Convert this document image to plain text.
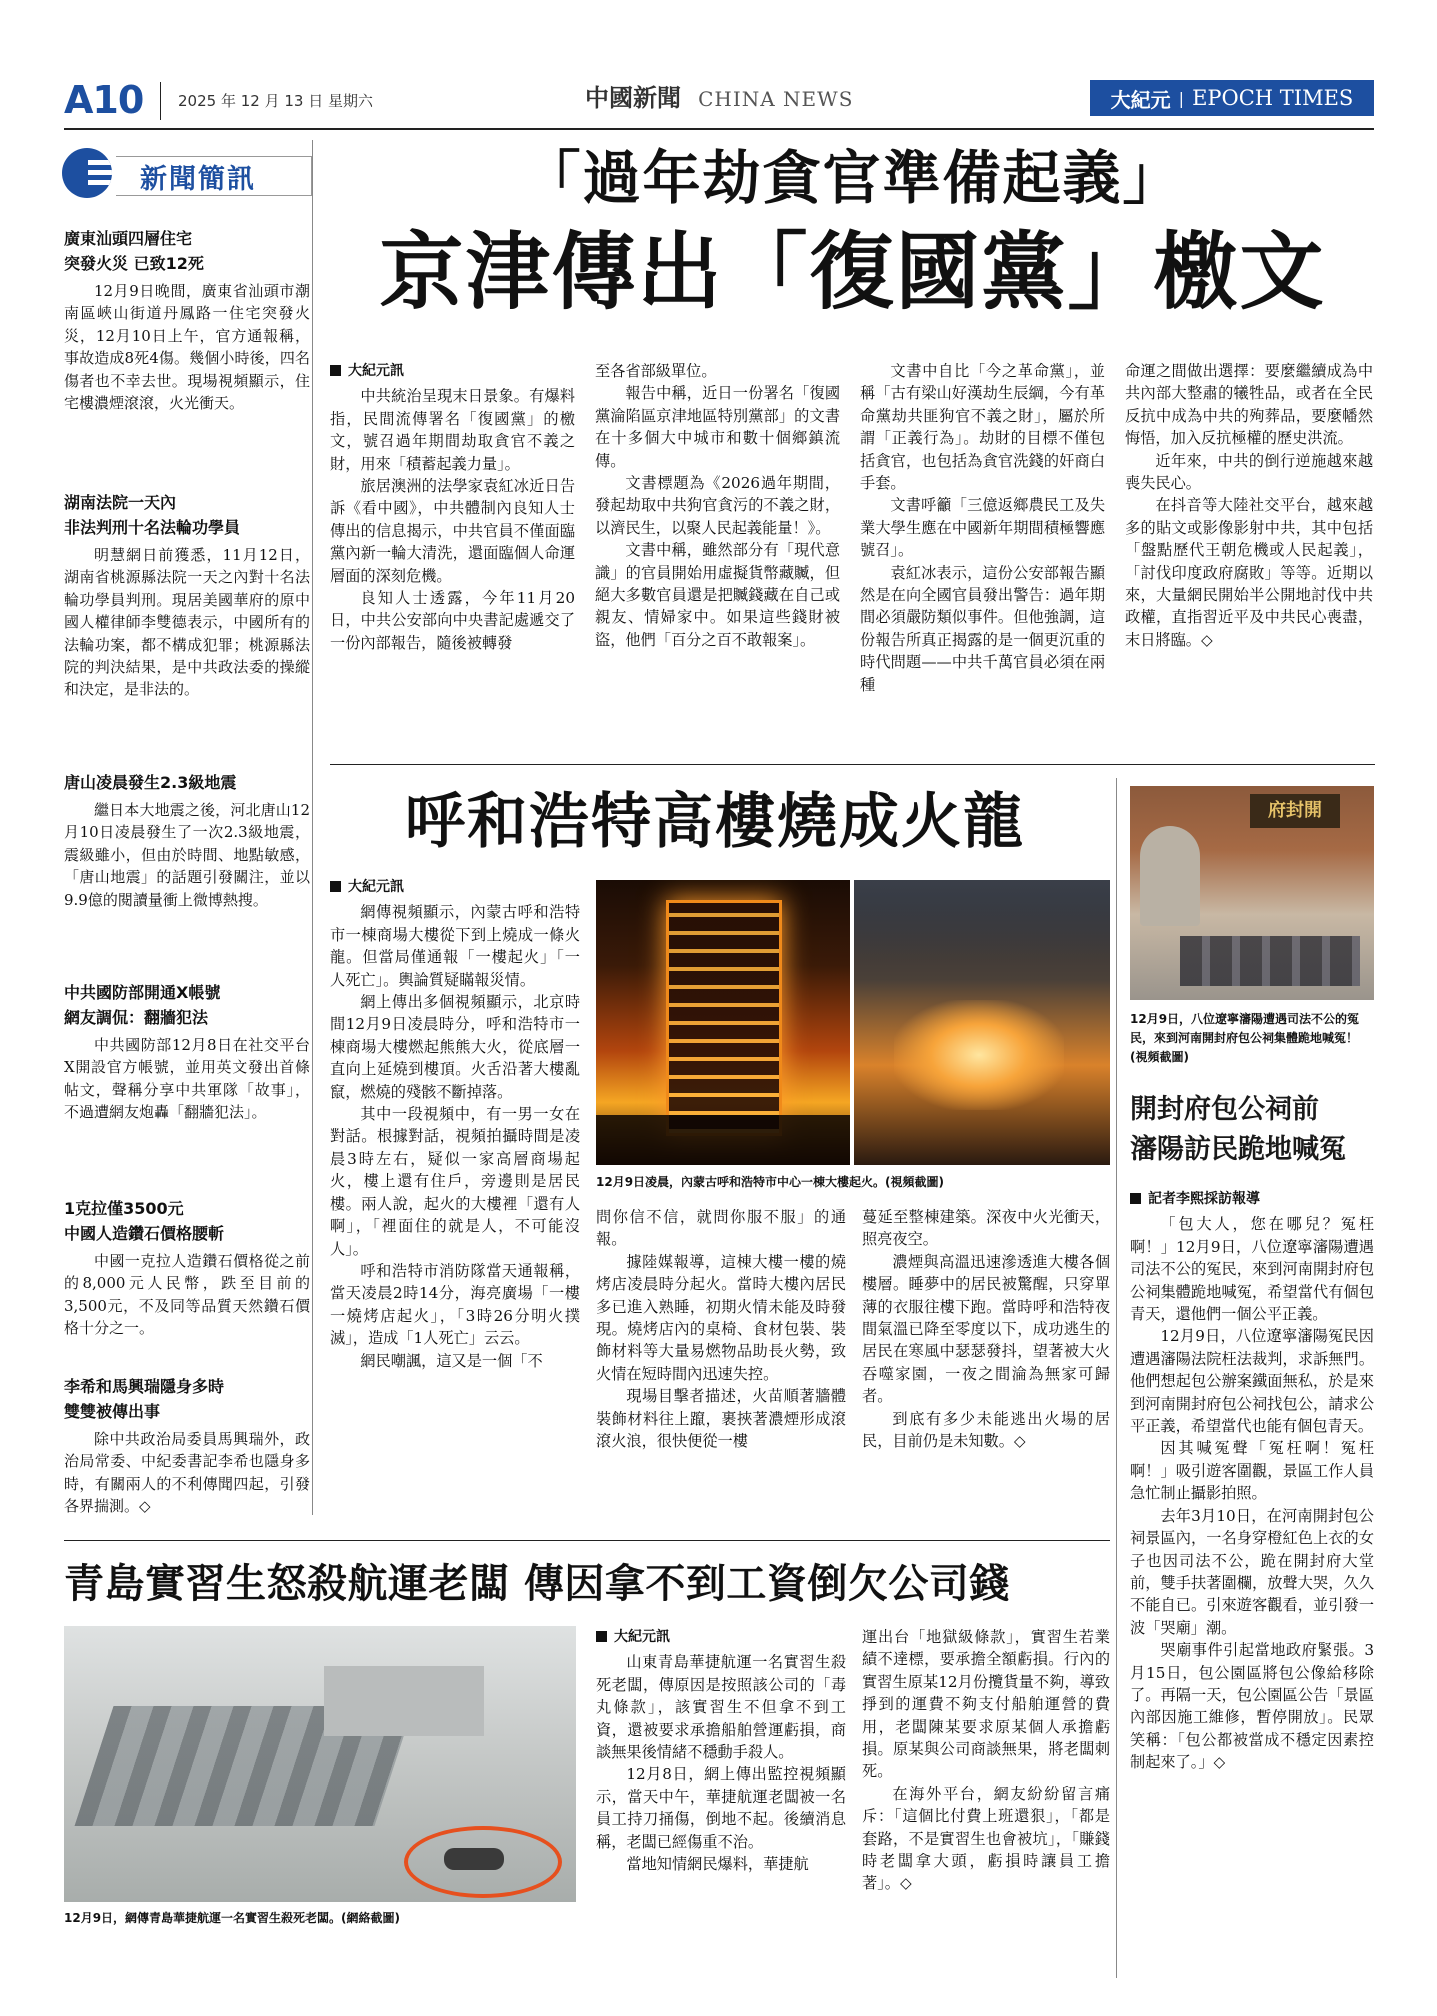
A10 2025 年 12 月 13 日 星期六	中國新聞 CHINA NEWS	大紀元 | EPOCH TIMES
新聞簡訊
廣東汕頭四層住宅
突發火災 已致12死

12月9日晚間，廣東省汕頭市潮南區峽山街道丹鳳路一住宅突發火災，12月10日上午，官方通報稱，事故造成8死4傷。幾個小時後，四名傷者也不幸去世。現場視頻顯示，住宅樓濃煙滾滾，火光衝天。

湖南法院一天內
非法判刑十名法輪功學員

明慧網日前獲悉，11月12日，湖南省桃源縣法院一天之內對十名法輪功學員判刑。現居美國華府的原中國人權律師李雙德表示，中國所有的法輪功案，都不構成犯罪；桃源縣法院的判決結果，是中共政法委的操縱和決定，是非法的。

唐山凌晨發生2.3級地震

繼日本大地震之後，河北唐山12月10日凌晨發生了一次2.3級地震，震級雖小，但由於時間、地點敏感，「唐山地震」的話題引發關注，並以9.9億的閱讀量衝上微博熱搜。

中共國防部開通X帳號
網友調侃：翻牆犯法

中共國防部12月8日在社交平台X開設官方帳號，並用英文發出首條帖文，聲稱分享中共軍隊「故事」，不過遭網友炮轟「翻牆犯法」。

1克拉僅3500元
中國人造鑽石價格腰斬

中國一克拉人造鑽石價格從之前的8,000元人民幣，跌至目前的3,500元，不及同等品質天然鑽石價格十分之一。

李希和馬興瑞隱身多時
雙雙被傳出事

除中共政治局委員馬興瑞外，政治局常委、中紀委書記李希也隱身多時，有關兩人的不利傳聞四起，引發各界揣測。◇

「過年劫貪官準備起義」
京津傳出「復國黨」檄文
大紀元訊

中共統治呈現末日景象。有爆料指，民間流傳署名「復國黨」的檄文，號召過年期間劫取貪官不義之財，用來「積蓄起義力量」。

旅居澳洲的法學家袁紅冰近日告訴《看中國》，中共體制內良知人士傳出的信息揭示，中共官員不僅面臨黨內新一輪大清洗，還面臨個人命運層面的深刻危機。

良知人士透露，今年11月20日，中共公安部向中央書記處遞交了一份內部報告，隨後被轉發

至各省部級單位。

報告中稱，近日一份署名「復國黨淪陷區京津地區特別黨部」的文書在十多個大中城市和數十個鄉鎮流傳。

文書標題為《2026過年期間，發起劫取中共狗官貪污的不義之財，以濟民生，以聚人民起義能量！》。

文書中稱，雖然部分有「現代意識」的官員開始用虛擬貨幣藏贓，但絕大多數官員還是把贓錢藏在自己或親友、情婦家中。如果這些錢財被盜，他們「百分之百不敢報案」。

文書中自比「今之革命黨」，並稱「古有梁山好漢劫生辰綱，今有革命黨劫共匪狗官不義之財」，屬於所謂「正義行為」。劫財的目標不僅包括貪官，也包括為貪官洗錢的奸商白手套。

文書呼籲「三億返鄉農民工及失業大學生應在中國新年期間積極響應號召」。

袁紅冰表示，這份公安部報告顯然是在向全國官員發出警告：過年期間必須嚴防類似事件。但他強調，這份報告所真正揭露的是一個更沉重的時代問題——中共千萬官員必須在兩種

命運之間做出選擇：要麼繼續成為中共內部大整肅的犧牲品，或者在全民反抗中成為中共的殉葬品，要麼幡然悔悟，加入反抗極權的歷史洪流。

近年來，中共的倒行逆施越來越喪失民心。

在抖音等大陸社交平台，越來越多的貼文或影像影射中共，其中包括「盤點歷代王朝危機或人民起義」，「討伐印度政府腐敗」等等。近期以來，大量網民開始半公開地討伐中共政權，直指習近平及中共民心喪盡，末日將臨。◇

呼和浩特高樓燒成火龍
大紀元訊

網傳視頻顯示，內蒙古呼和浩特市一棟商場大樓從下到上燒成一條火龍。但當局僅通報「一樓起火」「一人死亡」。輿論質疑瞞報災情。

網上傳出多個視頻顯示，北京時間12月9日凌晨時分，呼和浩特市一棟商場大樓燃起熊熊大火，從底層一直向上延燒到樓頂。火舌沿著大樓亂竄，燃燒的殘骸不斷掉落。

其中一段視頻中，有一男一女在對話。根據對話，視頻拍攝時間是凌晨3時左右，疑似一家高層商場起火，樓上還有住戶，旁邊則是居民樓。兩人說，起火的大樓裡「還有人啊」，「裡面住的就是人，不可能沒人」。

呼和浩特市消防隊當天通報稱，當天凌晨2時14分，海亮廣場「一樓一燒烤店起火」，「3時26分明火撲滅」，造成「1人死亡」云云。

網民嘲諷，這又是一個「不

12月9日凌晨，內蒙古呼和浩特市中心一棟大樓起火。(視頻截圖)

問你信不信，就問你服不服」的通報。

據陸媒報導，這棟大樓一樓的燒烤店凌晨時分起火。當時大樓內居民多已進入熟睡，初期火情未能及時發現。燒烤店內的桌椅、食材包裝、裝飾材料等大量易燃物品助長火勢，致火情在短時間內迅速失控。

現場目擊者描述，火苗順著牆體裝飾材料往上躥，裹挾著濃煙形成滾滾火浪，很快便從一樓

蔓延至整棟建築。深夜中火光衝天，照亮夜空。

濃煙與高溫迅速滲透進大樓各個樓層。睡夢中的居民被驚醒，只穿單薄的衣服往樓下跑。當時呼和浩特夜間氣溫已降至零度以下，成功逃生的居民在寒風中瑟瑟發抖，望著被大火吞噬家園，一夜之間淪為無家可歸者。

到底有多少未能逃出火場的居民，目前仍是未知數。◇

青島實習生怒殺航運老闆 傳因拿不到工資倒欠公司錢
12月9日，網傳青島華捷航運一名實習生殺死老闆。(網絡截圖)
大紀元訊

山東青島華捷航運一名實習生殺死老闆，傳原因是按照該公司的「毒丸條款」，該實習生不但拿不到工資，還被要求承擔船舶營運虧損，商談無果後情緒不穩動手殺人。

12月8日，網上傳出監控視頻顯示，當天中午，華捷航運老闆被一名員工持刀捅傷，倒地不起。後續消息稱，老闆已經傷重不治。

當地知情網民爆料，華捷航

運出台「地獄級條款」，實習生若業績不達標，要承擔全額虧損。行內的實習生原某12月份攬貨量不夠，導致掙到的運費不夠支付船舶運營的費用，老闆陳某要求原某個人承擔虧損。原某與公司商談無果，將老闆刺死。

在海外平台，網友紛紛留言痛斥：「這個比付費上班還狠」，「都是套路，不是實習生也會被坑」，「賺錢時老闆拿大頭，虧損時讓員工擔著」。◇

府封開
12月9日，八位遼寧瀋陽遭遇司法不公的冤民，來到河南開封府包公祠集體跪地喊冤！(視頻截圖)
開封府包公祠前
瀋陽訪民跪地喊冤
記者李熙採訪報導

「包大人，您在哪兒？冤枉啊！」12月9日，八位遼寧瀋陽遭遇司法不公的冤民，來到河南開封府包公祠集體跪地喊冤，希望當代有個包青天，還他們一個公平正義。

12月9日，八位遼寧瀋陽冤民因遭遇瀋陽法院枉法裁判，求訴無門。他們想起包公辦案鐵面無私，於是來到河南開封府包公祠找包公，請求公平正義，希望當代也能有個包青天。

因其喊冤聲「冤枉啊！冤枉啊！」吸引遊客圍觀，景區工作人員急忙制止攝影拍照。

去年3月10日，在河南開封包公祠景區內，一名身穿橙紅色上衣的女子也因司法不公，跪在開封府大堂前，雙手扶著圍欄，放聲大哭，久久不能自已。引來遊客觀看，並引發一波「哭廟」潮。

哭廟事件引起當地政府緊張。3月15日，包公園區將包公像給移除了。再隔一天，包公園區公告「景區內部因施工維修，暫停開放」。民眾笑稱：「包公都被當成不穩定因素控制起來了。」◇
